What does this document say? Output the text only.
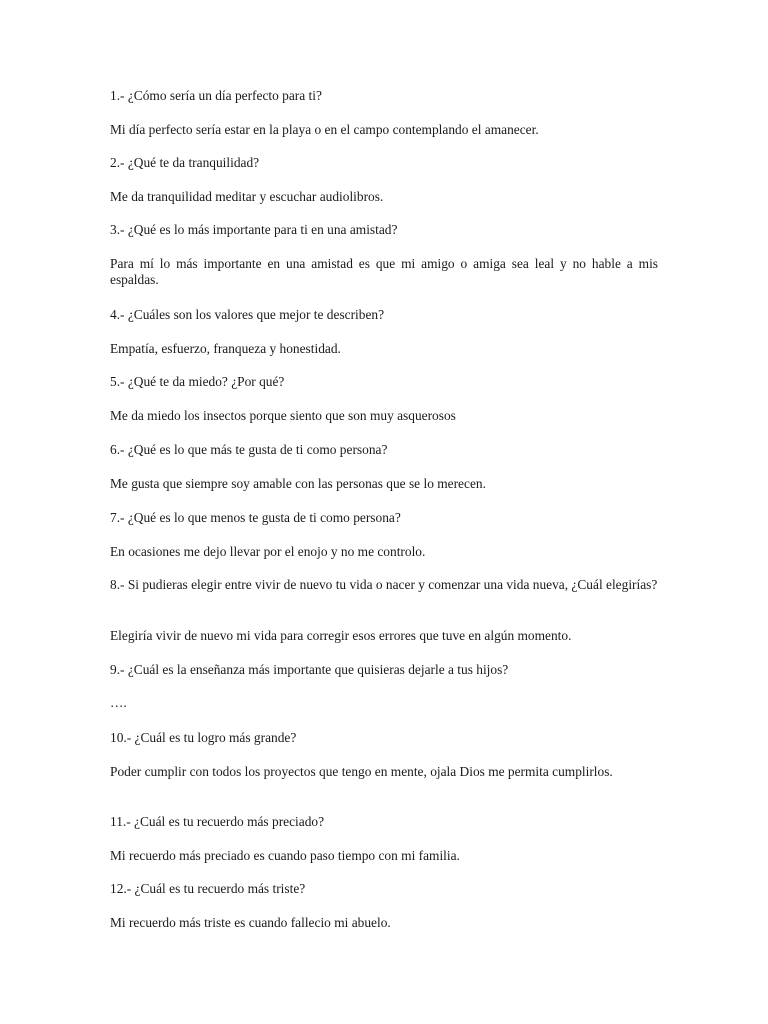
1.- ¿Cómo sería un día perfecto para ti?

Mi día perfecto sería estar en la playa o en el campo contemplando el amanecer.

2.- ¿Qué te da tranquilidad?

Me da tranquilidad meditar y escuchar audiolibros.

3.- ¿Qué es lo más importante para ti en una amistad?

Para mí lo más importante en una amistad es que mi amigo o amiga sea leal y no hable a mis espaldas.

4.- ¿Cuáles son los valores que mejor te describen?

Empatía, esfuerzo, franqueza y honestidad.

5.- ¿Qué te da miedo? ¿Por qué?

Me da miedo los insectos porque siento que son muy asquerosos

6.- ¿Qué es lo que más te gusta de ti como persona?

Me gusta que siempre soy amable con las personas que se lo merecen.

7.- ¿Qué es lo que menos te gusta de ti como persona?

En ocasiones me dejo llevar por el enojo y no me controlo.

8.- Si pudieras elegir entre vivir de nuevo tu vida o nacer y comenzar una vida nueva, ¿Cuál elegirías?

Elegiría vivir de nuevo mi vida para corregir esos errores que tuve en algún momento.

9.- ¿Cuál es la enseñanza más importante que quisieras dejarle a tus hijos?

….

10.- ¿Cuál es tu logro más grande?

Poder cumplir con todos los proyectos que tengo en mente, ojala Dios me permita cumplirlos.

11.- ¿Cuál es tu recuerdo más preciado?

Mi recuerdo más preciado es cuando paso tiempo con mi familia.

12.- ¿Cuál es tu recuerdo más triste?

Mi recuerdo más triste es cuando fallecio mi abuelo.
